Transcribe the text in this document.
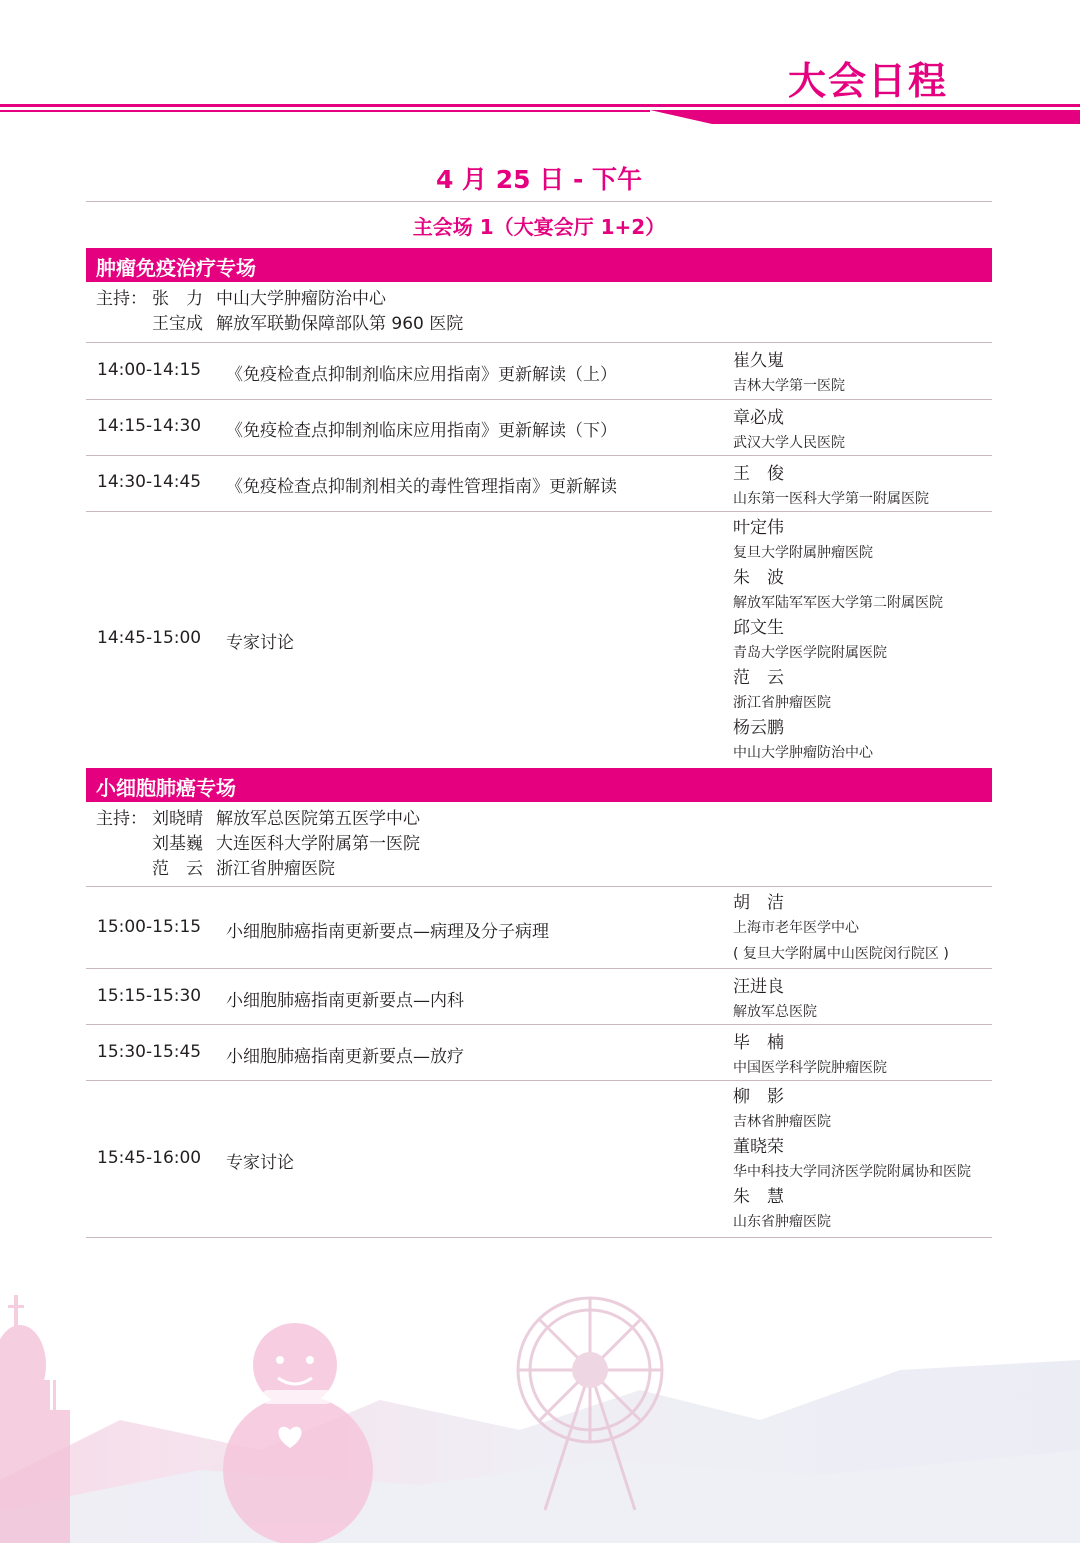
大会日程
4 月 25 日 - 下午
主会场 1（大宴会厅 1+2）
肿瘤免疫治疗专场
主持： 张　力 中山大学肿瘤防治中心
王宝成 解放军联勤保障部队第 960 医院
14:00-14:15 《免疫检查点抑制剂临床应用指南》更新解读（上）
崔久嵬
吉林大学第一医院
14:15-14:30 《免疫检查点抑制剂临床应用指南》更新解读（下）
章必成
武汉大学人民医院
14:30-14:45 《免疫检查点抑制剂相关的毒性管理指南》更新解读
王　俊
山东第一医科大学第一附属医院
14:45-15:00 专家讨论
叶定伟
复旦大学附属肿瘤医院
朱　波
解放军陆军军医大学第二附属医院
邱文生
青岛大学医学院附属医院
范　云
浙江省肿瘤医院
杨云鹏
中山大学肿瘤防治中心
小细胞肺癌专场
主持： 刘晓晴 解放军总医院第五医学中心
刘基巍 大连医科大学附属第一医院
范　云 浙江省肿瘤医院
15:00-15:15 小细胞肺癌指南更新要点—病理及分子病理
胡　洁
上海市老年医学中心
( 复旦大学附属中山医院闵行院区 )
15:15-15:30 小细胞肺癌指南更新要点—内科
汪进良
解放军总医院
15:30-15:45 小细胞肺癌指南更新要点—放疗
毕　楠
中国医学科学院肿瘤医院
15:45-16:00 专家讨论
柳　影
吉林省肿瘤医院
董晓荣
华中科技大学同济医学院附属协和医院
朱　慧
山东省肿瘤医院
